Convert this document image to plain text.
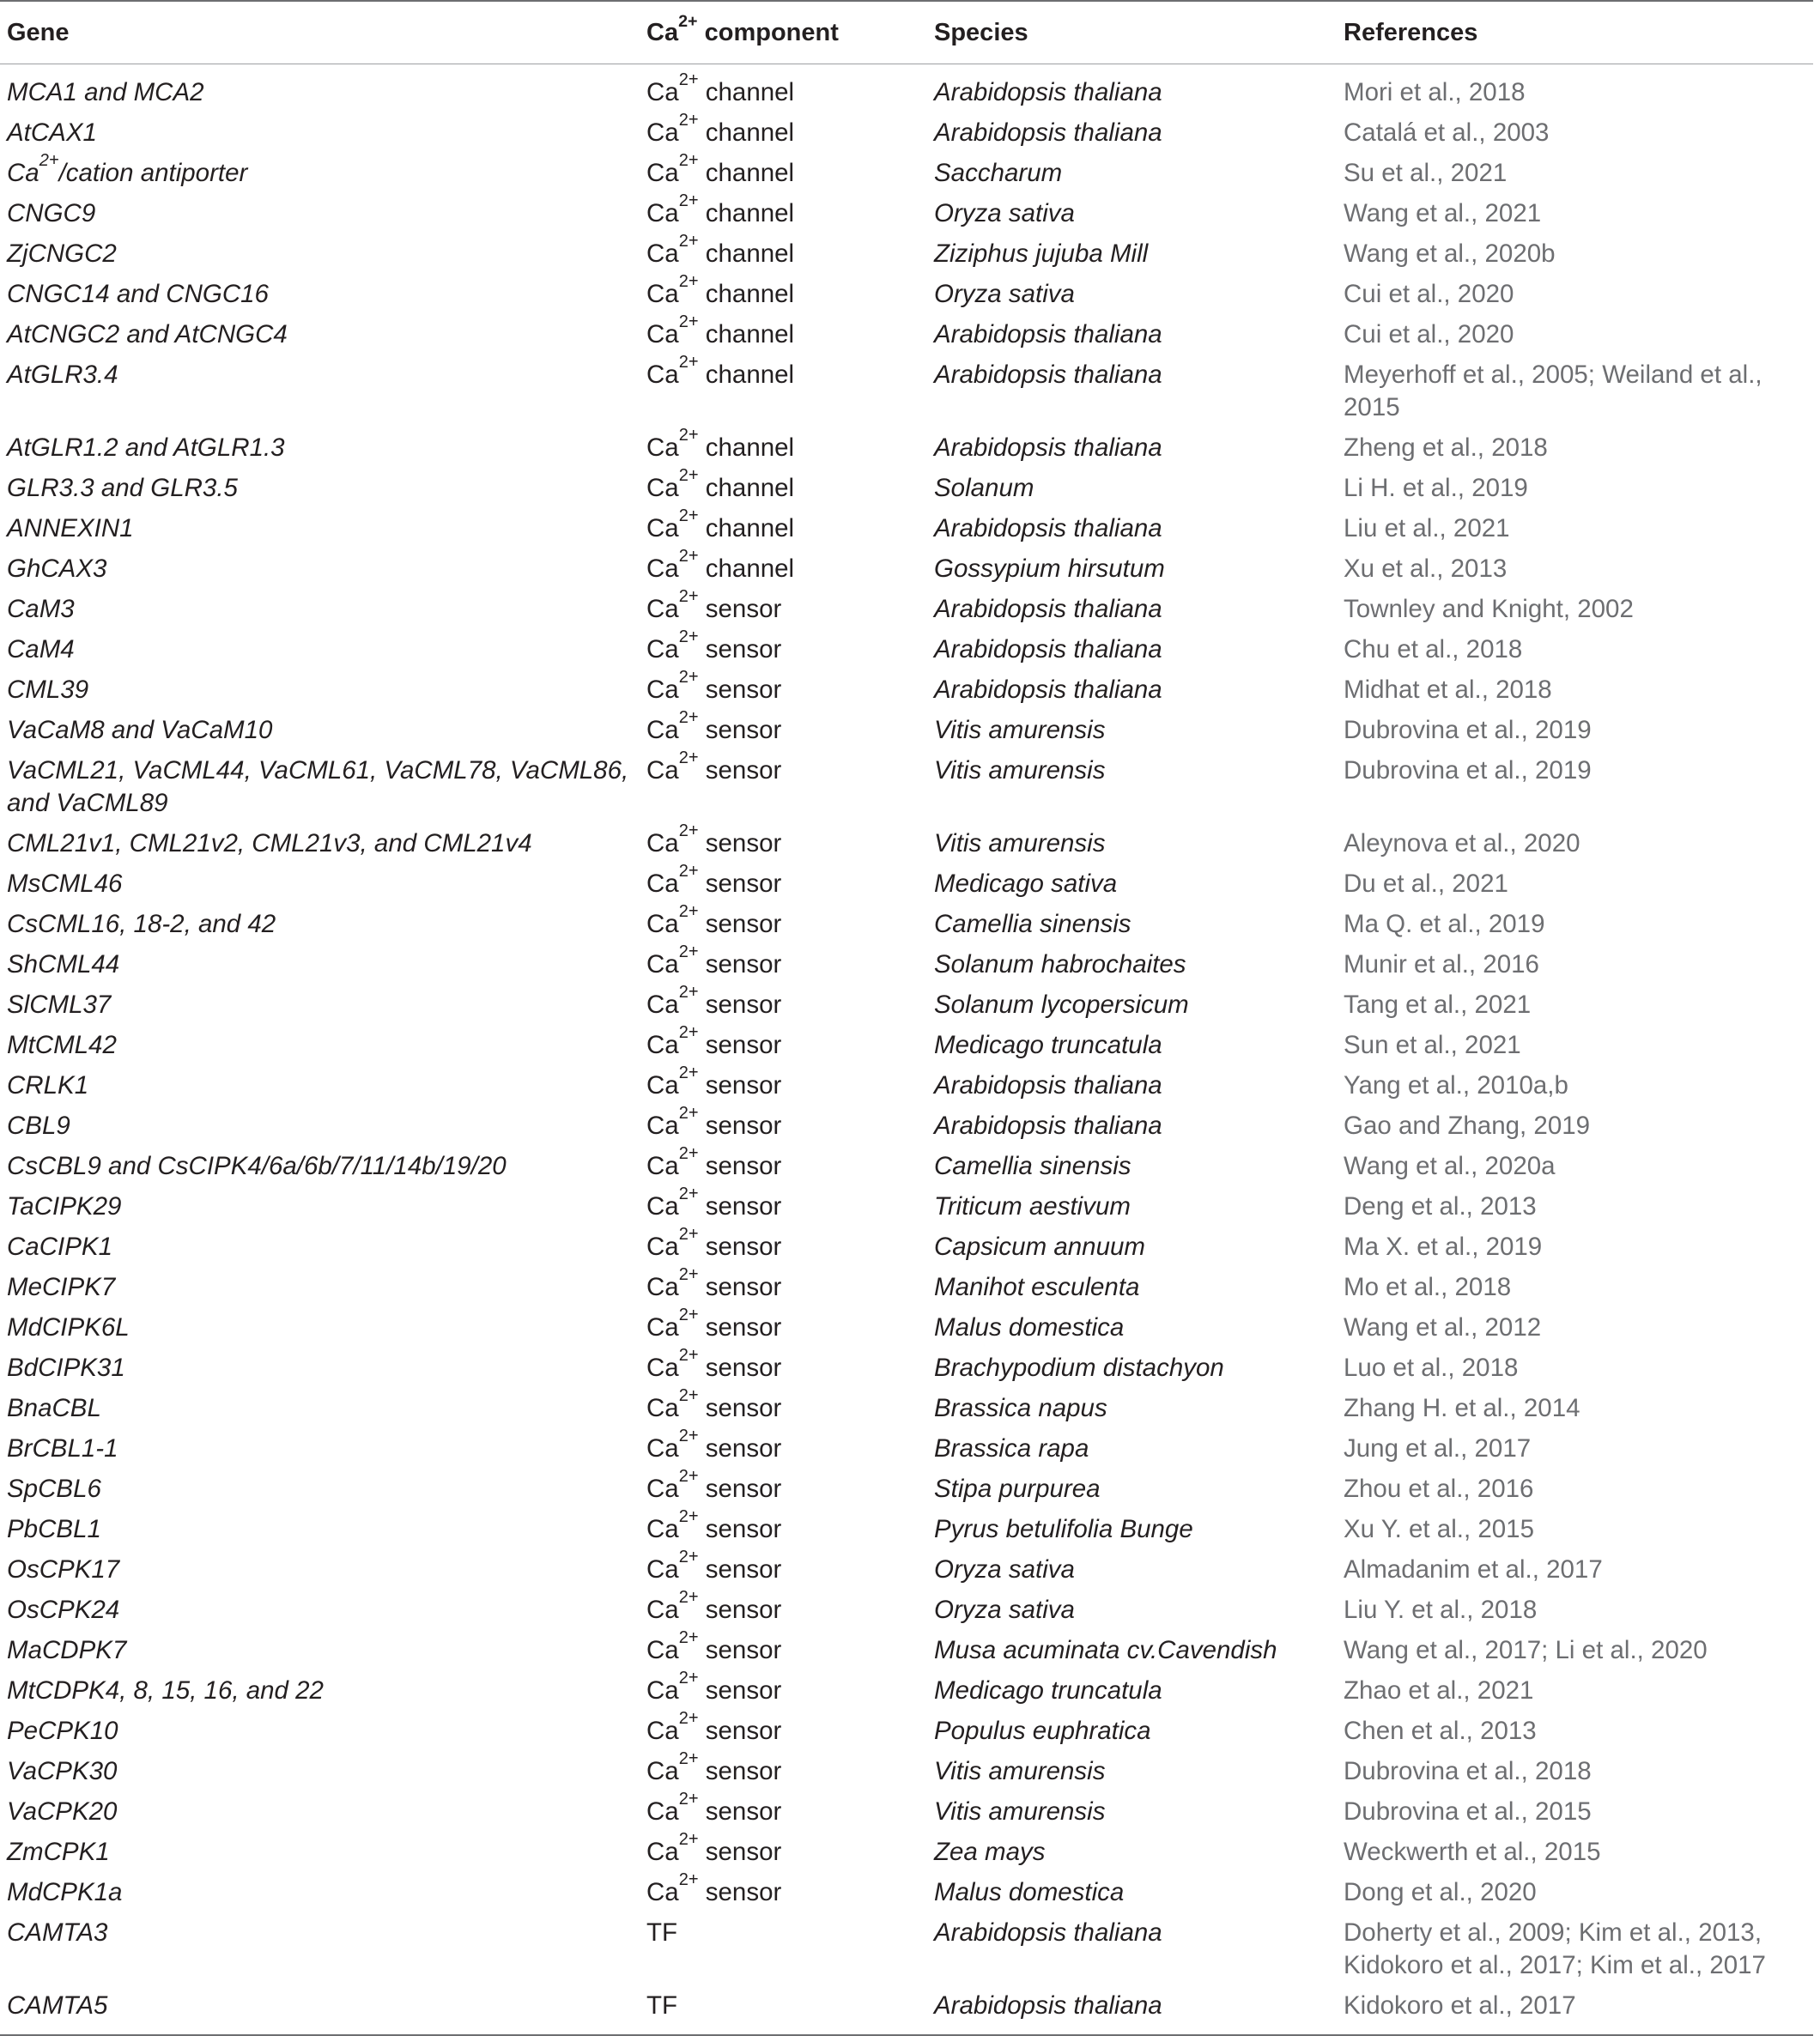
Gene	$Ca^{2+}$ component	Species	References
MCA1 and MCA2	$Ca^{2+}$ channel	Arabidopsis thaliana	Mori et al., 2018
AtCAX1	$Ca^{2+}$ channel	Arabidopsis thaliana	Catalá et al., 2003
$Ca^{2+}$/cation antiporter	$Ca^{2+}$ channel	Saccharum	Su et al., 2021
CNGC9	$Ca^{2+}$ channel	Oryza sativa	Wang et al., 2021
ZjCNGC2	$Ca^{2+}$ channel	Ziziphus jujuba Mill	Wang et al., 2020b
CNGC14 and CNGC16	$Ca^{2+}$ channel	Oryza sativa	Cui et al., 2020
AtCNGC2 and AtCNGC4	$Ca^{2+}$ channel	Arabidopsis thaliana	Cui et al., 2020
AtGLR3.4	$Ca^{2+}$ channel	Arabidopsis thaliana	Meyerhoff et al., 2005; Weiland et al., 2015
AtGLR1.2 and AtGLR1.3	$Ca^{2+}$ channel	Arabidopsis thaliana	Zheng et al., 2018
GLR3.3 and GLR3.5	$Ca^{2+}$ channel	Solanum	Li H. et al., 2019
ANNEXIN1	$Ca^{2+}$ channel	Arabidopsis thaliana	Liu et al., 2021
GhCAX3	$Ca^{2+}$ channel	Gossypium hirsutum	Xu et al., 2013
CaM3	$Ca^{2+}$ sensor	Arabidopsis thaliana	Townley and Knight, 2002
CaM4	$Ca^{2+}$ sensor	Arabidopsis thaliana	Chu et al., 2018
CML39	$Ca^{2+}$ sensor	Arabidopsis thaliana	Midhat et al., 2018
VaCaM8 and VaCaM10	$Ca^{2+}$ sensor	Vitis amurensis	Dubrovina et al., 2019
VaCML21, VaCML44, VaCML61, VaCML78, VaCML86, and VaCML89	$Ca^{2+}$ sensor	Vitis amurensis	Dubrovina et al., 2019
CML21v1, CML21v2, CML21v3, and CML21v4	$Ca^{2+}$ sensor	Vitis amurensis	Aleynova et al., 2020
MsCML46	$Ca^{2+}$ sensor	Medicago sativa	Du et al., 2021
CsCML16, 18-2, and 42	$Ca^{2+}$ sensor	Camellia sinensis	Ma Q. et al., 2019
ShCML44	$Ca^{2+}$ sensor	Solanum habrochaites	Munir et al., 2016
SlCML37	$Ca^{2+}$ sensor	Solanum lycopersicum	Tang et al., 2021
MtCML42	$Ca^{2+}$ sensor	Medicago truncatula	Sun et al., 2021
CRLK1	$Ca^{2+}$ sensor	Arabidopsis thaliana	Yang et al., 2010a,b
CBL9	$Ca^{2+}$ sensor	Arabidopsis thaliana	Gao and Zhang, 2019
CsCBL9 and CsCIPK4/6a/6b/7/11/14b/19/20	$Ca^{2+}$ sensor	Camellia sinensis	Wang et al., 2020a
TaCIPK29	$Ca^{2+}$ sensor	Triticum aestivum	Deng et al., 2013
CaCIPK1	$Ca^{2+}$ sensor	Capsicum annuum	Ma X. et al., 2019
MeCIPK7	$Ca^{2+}$ sensor	Manihot esculenta	Mo et al., 2018
MdCIPK6L	$Ca^{2+}$ sensor	Malus domestica	Wang et al., 2012
BdCIPK31	$Ca^{2+}$ sensor	Brachypodium distachyon	Luo et al., 2018
BnaCBL	$Ca^{2+}$ sensor	Brassica napus	Zhang H. et al., 2014
BrCBL1-1	$Ca^{2+}$ sensor	Brassica rapa	Jung et al., 2017
SpCBL6	$Ca^{2+}$ sensor	Stipa purpurea	Zhou et al., 2016
PbCBL1	$Ca^{2+}$ sensor	Pyrus betulifolia Bunge	Xu Y. et al., 2015
OsCPK17	$Ca^{2+}$ sensor	Oryza sativa	Almadanim et al., 2017
OsCPK24	$Ca^{2+}$ sensor	Oryza sativa	Liu Y. et al., 2018
MaCDPK7	$Ca^{2+}$ sensor	Musa acuminata cv.Cavendish	Wang et al., 2017; Li et al., 2020
MtCDPK4, 8, 15, 16, and 22	$Ca^{2+}$ sensor	Medicago truncatula	Zhao et al., 2021
PeCPK10	$Ca^{2+}$ sensor	Populus euphratica	Chen et al., 2013
VaCPK30	$Ca^{2+}$ sensor	Vitis amurensis	Dubrovina et al., 2018
VaCPK20	$Ca^{2+}$ sensor	Vitis amurensis	Dubrovina et al., 2015
ZmCPK1	$Ca^{2+}$ sensor	Zea mays	Weckwerth et al., 2015
MdCPK1a	$Ca^{2+}$ sensor	Malus domestica	Dong et al., 2020
CAMTA3	TF	Arabidopsis thaliana	Doherty et al., 2009; Kim et al., 2013, Kidokoro et al., 2017; Kim et al., 2017
CAMTA5	TF	Arabidopsis thaliana	Kidokoro et al., 2017
